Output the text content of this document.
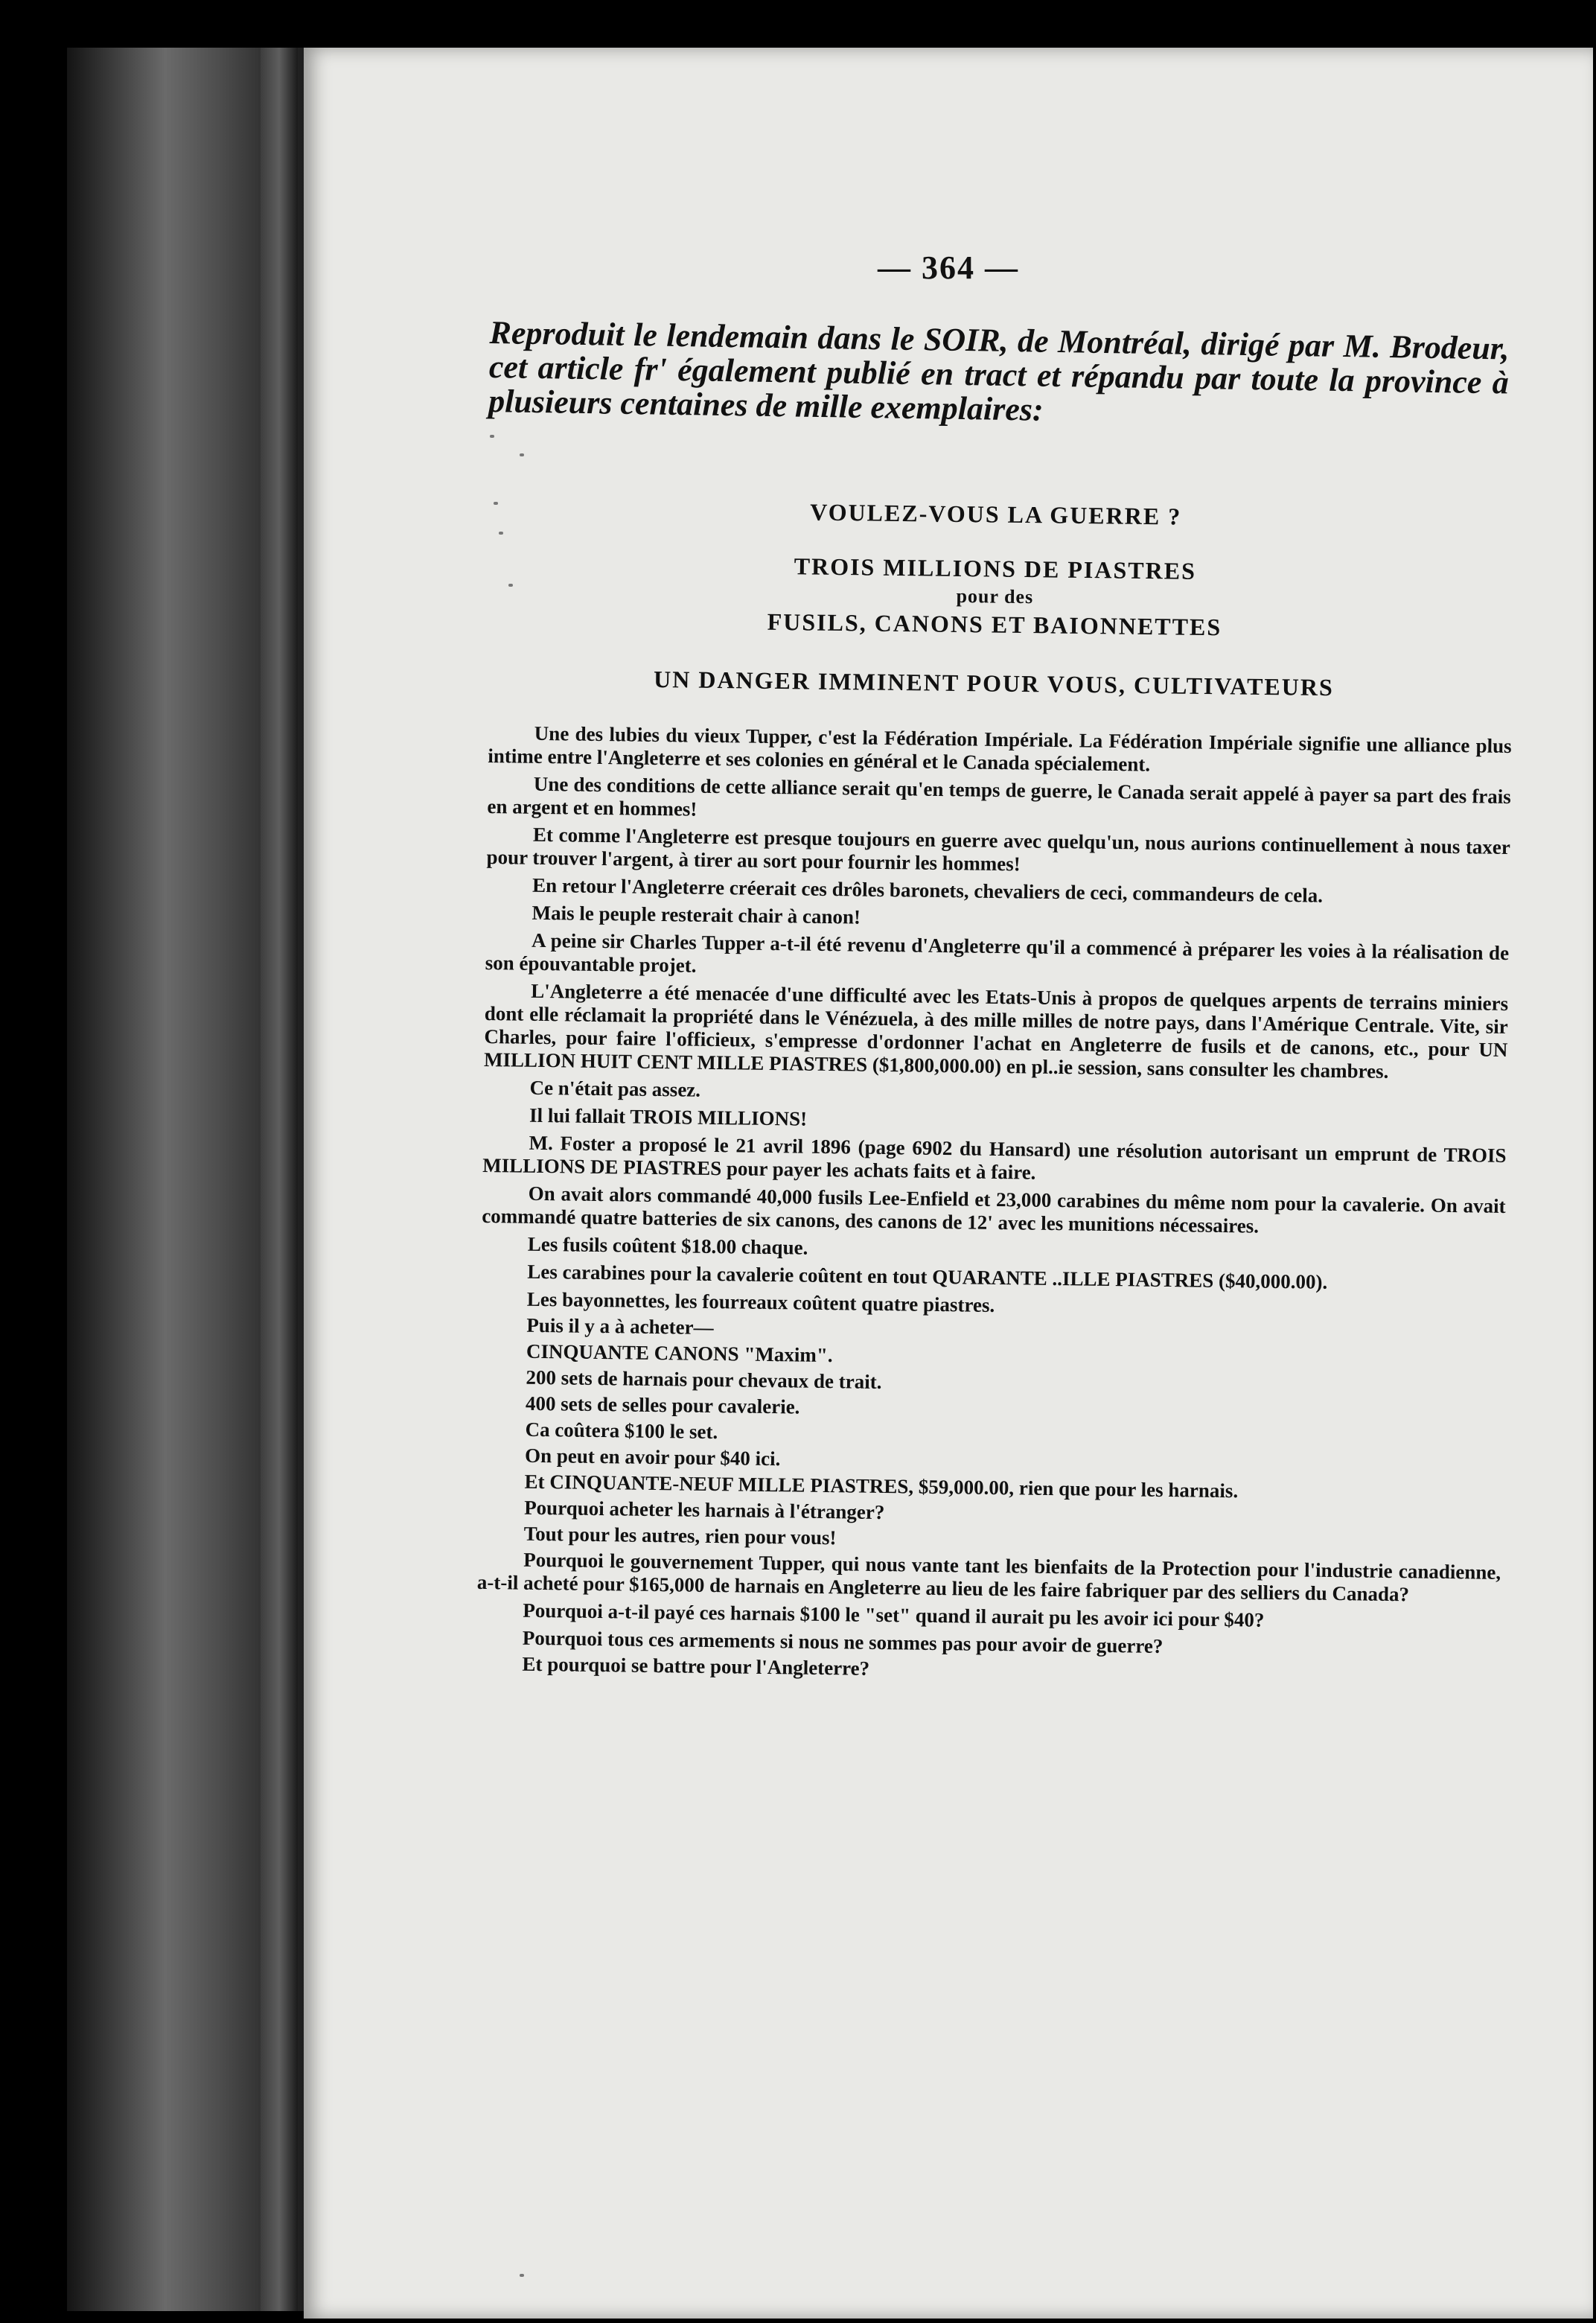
— 364 —
Reproduit le lendemain dans le SOIR, de Montréal, dirigé par M. Brodeur, cet article fr' également publié en tract et répandu par toute la province à plusieurs centaines de mille exemplaires:
VOULEZ-VOUS LA GUERRE ?
TROIS MILLIONS DE PIASTRES
pour des
FUSILS, CANONS ET BAIONNETTES
UN DANGER IMMINENT POUR VOUS, CULTIVATEURS

Une des lubies du vieux Tupper, c'est la Fédération Impériale. La Fédération Impériale signifie une alliance plus intime entre l'Angleterre et ses colonies en général et le Canada spécialement.

Une des conditions de cette alliance serait qu'en temps de guerre, le Canada serait appelé à payer sa part des frais en argent et en hommes!

Et comme l'Angleterre est presque toujours en guerre avec quelqu'un, nous aurions continuellement à nous taxer pour trouver l'argent, à tirer au sort pour fournir les hommes!

En retour l'Angleterre créerait ces drôles baronets, chevaliers de ceci, commandeurs de cela.

Mais le peuple resterait chair à canon!

A peine sir Charles Tupper a-t-il été revenu d'Angleterre qu'il a commencé à préparer les voies à la réalisation de son épouvantable projet.

L'Angleterre a été menacée d'une difficulté avec les Etats-Unis à propos de quelques arpents de terrains miniers dont elle réclamait la propriété dans le Vénézuela, à des mille milles de notre pays, dans l'Amérique Centrale. Vite, sir Charles, pour faire l'officieux, s'empresse d'ordonner l'achat en Angleterre de fusils et de canons, etc., pour UN MILLION HUIT CENT MILLE PIASTRES ($1,800,000.00) en pl..ie session, sans consulter les chambres.

Ce n'était pas assez.

Il lui fallait TROIS MILLIONS!

M. Foster a proposé le 21 avril 1896 (page 6902 du Hansard) une résolution autorisant un emprunt de TROIS MILLIONS DE PIASTRES pour payer les achats faits et à faire.

On avait alors commandé 40,000 fusils Lee-Enfield et 23,000 carabines du même nom pour la cavalerie. On avait commandé quatre batteries de six canons, des canons de 12' avec les munitions nécessaires.

Les fusils coûtent $18.00 chaque.

Les carabines pour la cavalerie coûtent en tout QUARANTE ..ILLE PIASTRES ($40,000.00).

Les bayonnettes, les fourreaux coûtent quatre piastres.

Puis il y a à acheter—

CINQUANTE CANONS "Maxim".

200 sets de harnais pour chevaux de trait.

400 sets de selles pour cavalerie.

Ca coûtera $100 le set.

On peut en avoir pour $40 ici.

Et CINQUANTE-NEUF MILLE PIASTRES, $59,000.00, rien que pour les harnais.

Pourquoi acheter les harnais à l'étranger?

Tout pour les autres, rien pour vous!

Pourquoi le gouvernement Tupper, qui nous vante tant les bienfaits de la Protection pour l'industrie canadienne, a-t-il acheté pour $165,000 de harnais en Angleterre au lieu de les faire fabriquer par des selliers du Canada?

Pourquoi a-t-il payé ces harnais $100 le "set" quand il aurait pu les avoir ici pour $40?

Pourquoi tous ces armements si nous ne sommes pas pour avoir de guerre?

Et pourquoi se battre pour l'Angleterre?
